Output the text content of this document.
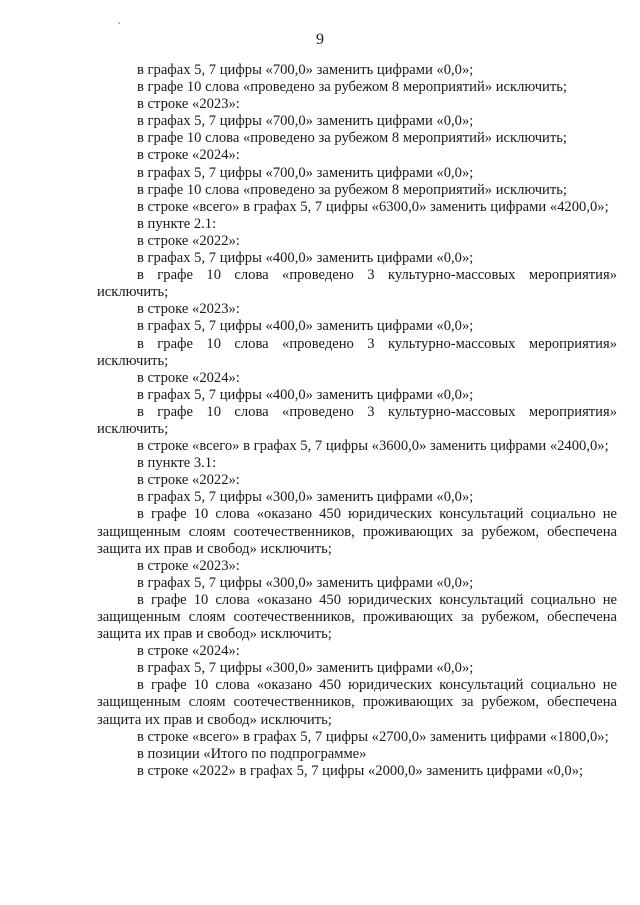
9

в графах 5, 7 цифры «700,0» заменить цифрами «0,0»;

в графе 10 слова «проведено за рубежом 8 мероприятий» исключить;

в строке «2023»:

в графах 5, 7 цифры «700,0» заменить цифрами «0,0»;

в графе 10 слова «проведено за рубежом 8 мероприятий» исключить;

в строке «2024»:

в графах 5, 7 цифры «700,0» заменить цифрами «0,0»;

в графе 10 слова «проведено за рубежом 8 мероприятий» исключить;

в строке «всего» в графах 5, 7 цифры «6300,0» заменить цифрами «4200,0»;

в пункте 2.1:

в строке «2022»:

в графах 5, 7 цифры «400,0» заменить цифрами «0,0»;

в графе 10 слова «проведено 3 культурно-массовых мероприятия» исключить;

в строке «2023»:

в графах 5, 7 цифры «400,0» заменить цифрами «0,0»;

в графе 10 слова «проведено 3 культурно-массовых мероприятия» исключить;

в строке «2024»:

в графах 5, 7 цифры «400,0» заменить цифрами «0,0»;

в графе 10 слова «проведено 3 культурно-массовых мероприятия» исключить;

в строке «всего» в графах 5, 7 цифры «3600,0» заменить цифрами «2400,0»;

в пункте 3.1:

в строке «2022»:

в графах 5, 7 цифры «300,0» заменить цифрами «0,0»;

в графе 10 слова «оказано 450 юридических консультаций социально не защищенным слоям соотечественников, проживающих за рубежом, обеспечена защита их прав и свобод» исключить;

в строке «2023»:

в графах 5, 7 цифры «300,0» заменить цифрами «0,0»;

в графе 10 слова «оказано 450 юридических консультаций социально не защищенным слоям соотечественников, проживающих за рубежом, обеспечена защита их прав и свобод» исключить;

в строке «2024»:

в графах 5, 7 цифры «300,0» заменить цифрами «0,0»;

в графе 10 слова «оказано 450 юридических консультаций социально не защищенным слоям соотечественников, проживающих за рубежом, обеспечена защита их прав и свобод» исключить;

в строке «всего» в графах 5, 7 цифры «2700,0» заменить цифрами «1800,0»;

в позиции «Итого по подпрограмме»

в строке «2022» в графах 5, 7 цифры «2000,0» заменить цифрами «0,0»;
